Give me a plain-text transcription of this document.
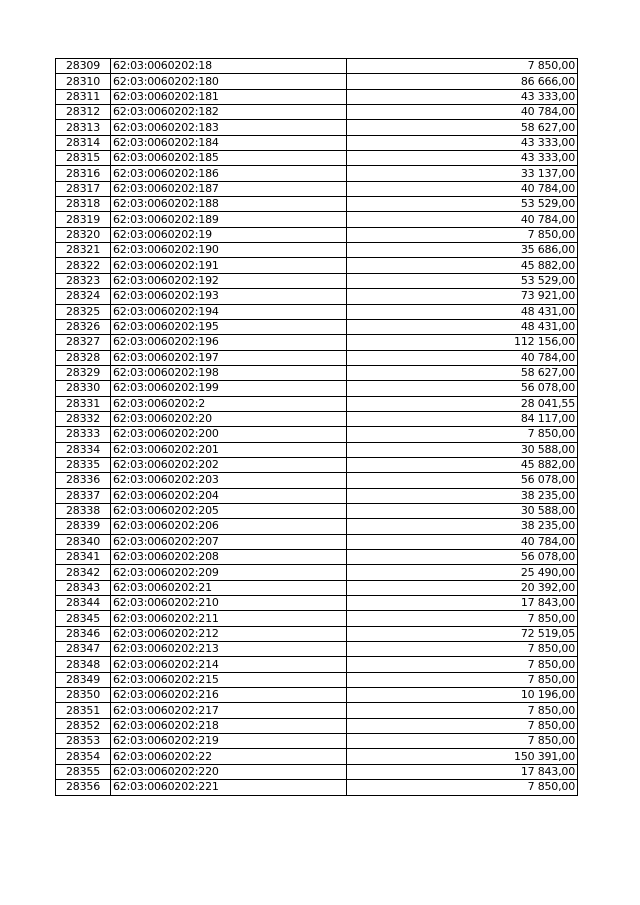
28309	62:03:0060202:18	7 850,00
28310	62:03:0060202:180	86 666,00
28311	62:03:0060202:181	43 333,00
28312	62:03:0060202:182	40 784,00
28313	62:03:0060202:183	58 627,00
28314	62:03:0060202:184	43 333,00
28315	62:03:0060202:185	43 333,00
28316	62:03:0060202:186	33 137,00
28317	62:03:0060202:187	40 784,00
28318	62:03:0060202:188	53 529,00
28319	62:03:0060202:189	40 784,00
28320	62:03:0060202:19	7 850,00
28321	62:03:0060202:190	35 686,00
28322	62:03:0060202:191	45 882,00
28323	62:03:0060202:192	53 529,00
28324	62:03:0060202:193	73 921,00
28325	62:03:0060202:194	48 431,00
28326	62:03:0060202:195	48 431,00
28327	62:03:0060202:196	112 156,00
28328	62:03:0060202:197	40 784,00
28329	62:03:0060202:198	58 627,00
28330	62:03:0060202:199	56 078,00
28331	62:03:0060202:2	28 041,55
28332	62:03:0060202:20	84 117,00
28333	62:03:0060202:200	7 850,00
28334	62:03:0060202:201	30 588,00
28335	62:03:0060202:202	45 882,00
28336	62:03:0060202:203	56 078,00
28337	62:03:0060202:204	38 235,00
28338	62:03:0060202:205	30 588,00
28339	62:03:0060202:206	38 235,00
28340	62:03:0060202:207	40 784,00
28341	62:03:0060202:208	56 078,00
28342	62:03:0060202:209	25 490,00
28343	62:03:0060202:21	20 392,00
28344	62:03:0060202:210	17 843,00
28345	62:03:0060202:211	7 850,00
28346	62:03:0060202:212	72 519,05
28347	62:03:0060202:213	7 850,00
28348	62:03:0060202:214	7 850,00
28349	62:03:0060202:215	7 850,00
28350	62:03:0060202:216	10 196,00
28351	62:03:0060202:217	7 850,00
28352	62:03:0060202:218	7 850,00
28353	62:03:0060202:219	7 850,00
28354	62:03:0060202:22	150 391,00
28355	62:03:0060202:220	17 843,00
28356	62:03:0060202:221	7 850,00
